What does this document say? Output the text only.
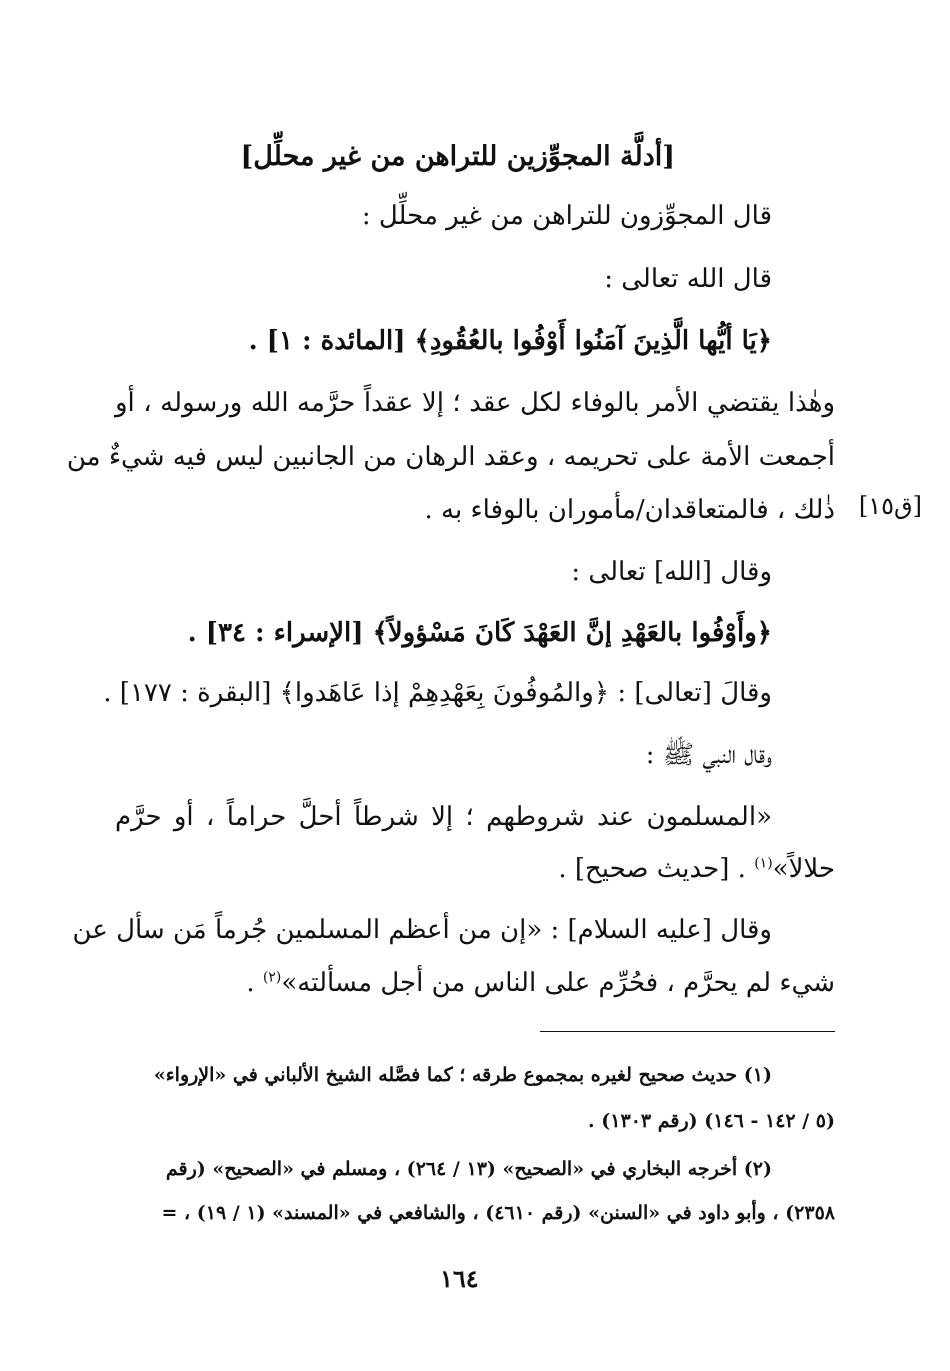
[أدلَّة المجوِّزين للتراهن من غير محلِّل]
قال المجوِّزون للتراهن من غير محلِّل :
قال الله تعالى :
﴿يَا أيُّها الَّذِينَ آمَنُوا أَوْفُوا بالعُقُودِ﴾ [المائدة : ١] .
وهٰذا يقتضي الأمر بالوفاء لكل عقد ؛ إلا عقداً حرَّمه الله ورسوله ، أو
أجمعت الأمة على تحريمه ، وعقد الرهان من الجانبين ليس فيه شيءٌ من
ذٰلك ، فالمتعاقدان/مأموران بالوفاء به . [ق١٥]
وقال [الله] تعالى :
﴿وأَوْفُوا بالعَهْدِ إنَّ العَهْدَ كَانَ مَسْؤولاً﴾ [الإسراء : ٣٤] .
وقالَ [تعالى] : ﴿والمُوفُونَ بِعَهْدِهِمْ إذا عَاهَدوا﴾ [البقرة : ١٧٧] .
وقال النبي ﷺ :
«المسلمون عند شروطهم ؛ إلا شرطاً أحلَّ حراماً ، أو حرَّم
حلالاً»$^{(١)}$ . [حديث صحيح] .
وقال [عليه السلام] : «إن من أعظم المسلمين جُرماً مَن سأل عن
شيء لم يحرَّم ، فحُرِّم على الناس من أجل مسألته»$^{(٢)}$ .
(١) حديث صحيح لغيره بمجموع طرقه ؛ كما فصَّله الشيخ الألباني في «الإرواء»
(٥ / ١٤٢ - ١٤٦) (رقم ١٣٠٣) .
(٢) أخرجه البخاري في «الصحيح» (١٣ / ٢٦٤) ، ومسلم في «الصحيح» (رقم
٢٣٥٨) ، وأبو داود في «السنن» (رقم ٤٦١٠) ، والشافعي في «المسند» (١ / ١٩) ، =
١٦٤
